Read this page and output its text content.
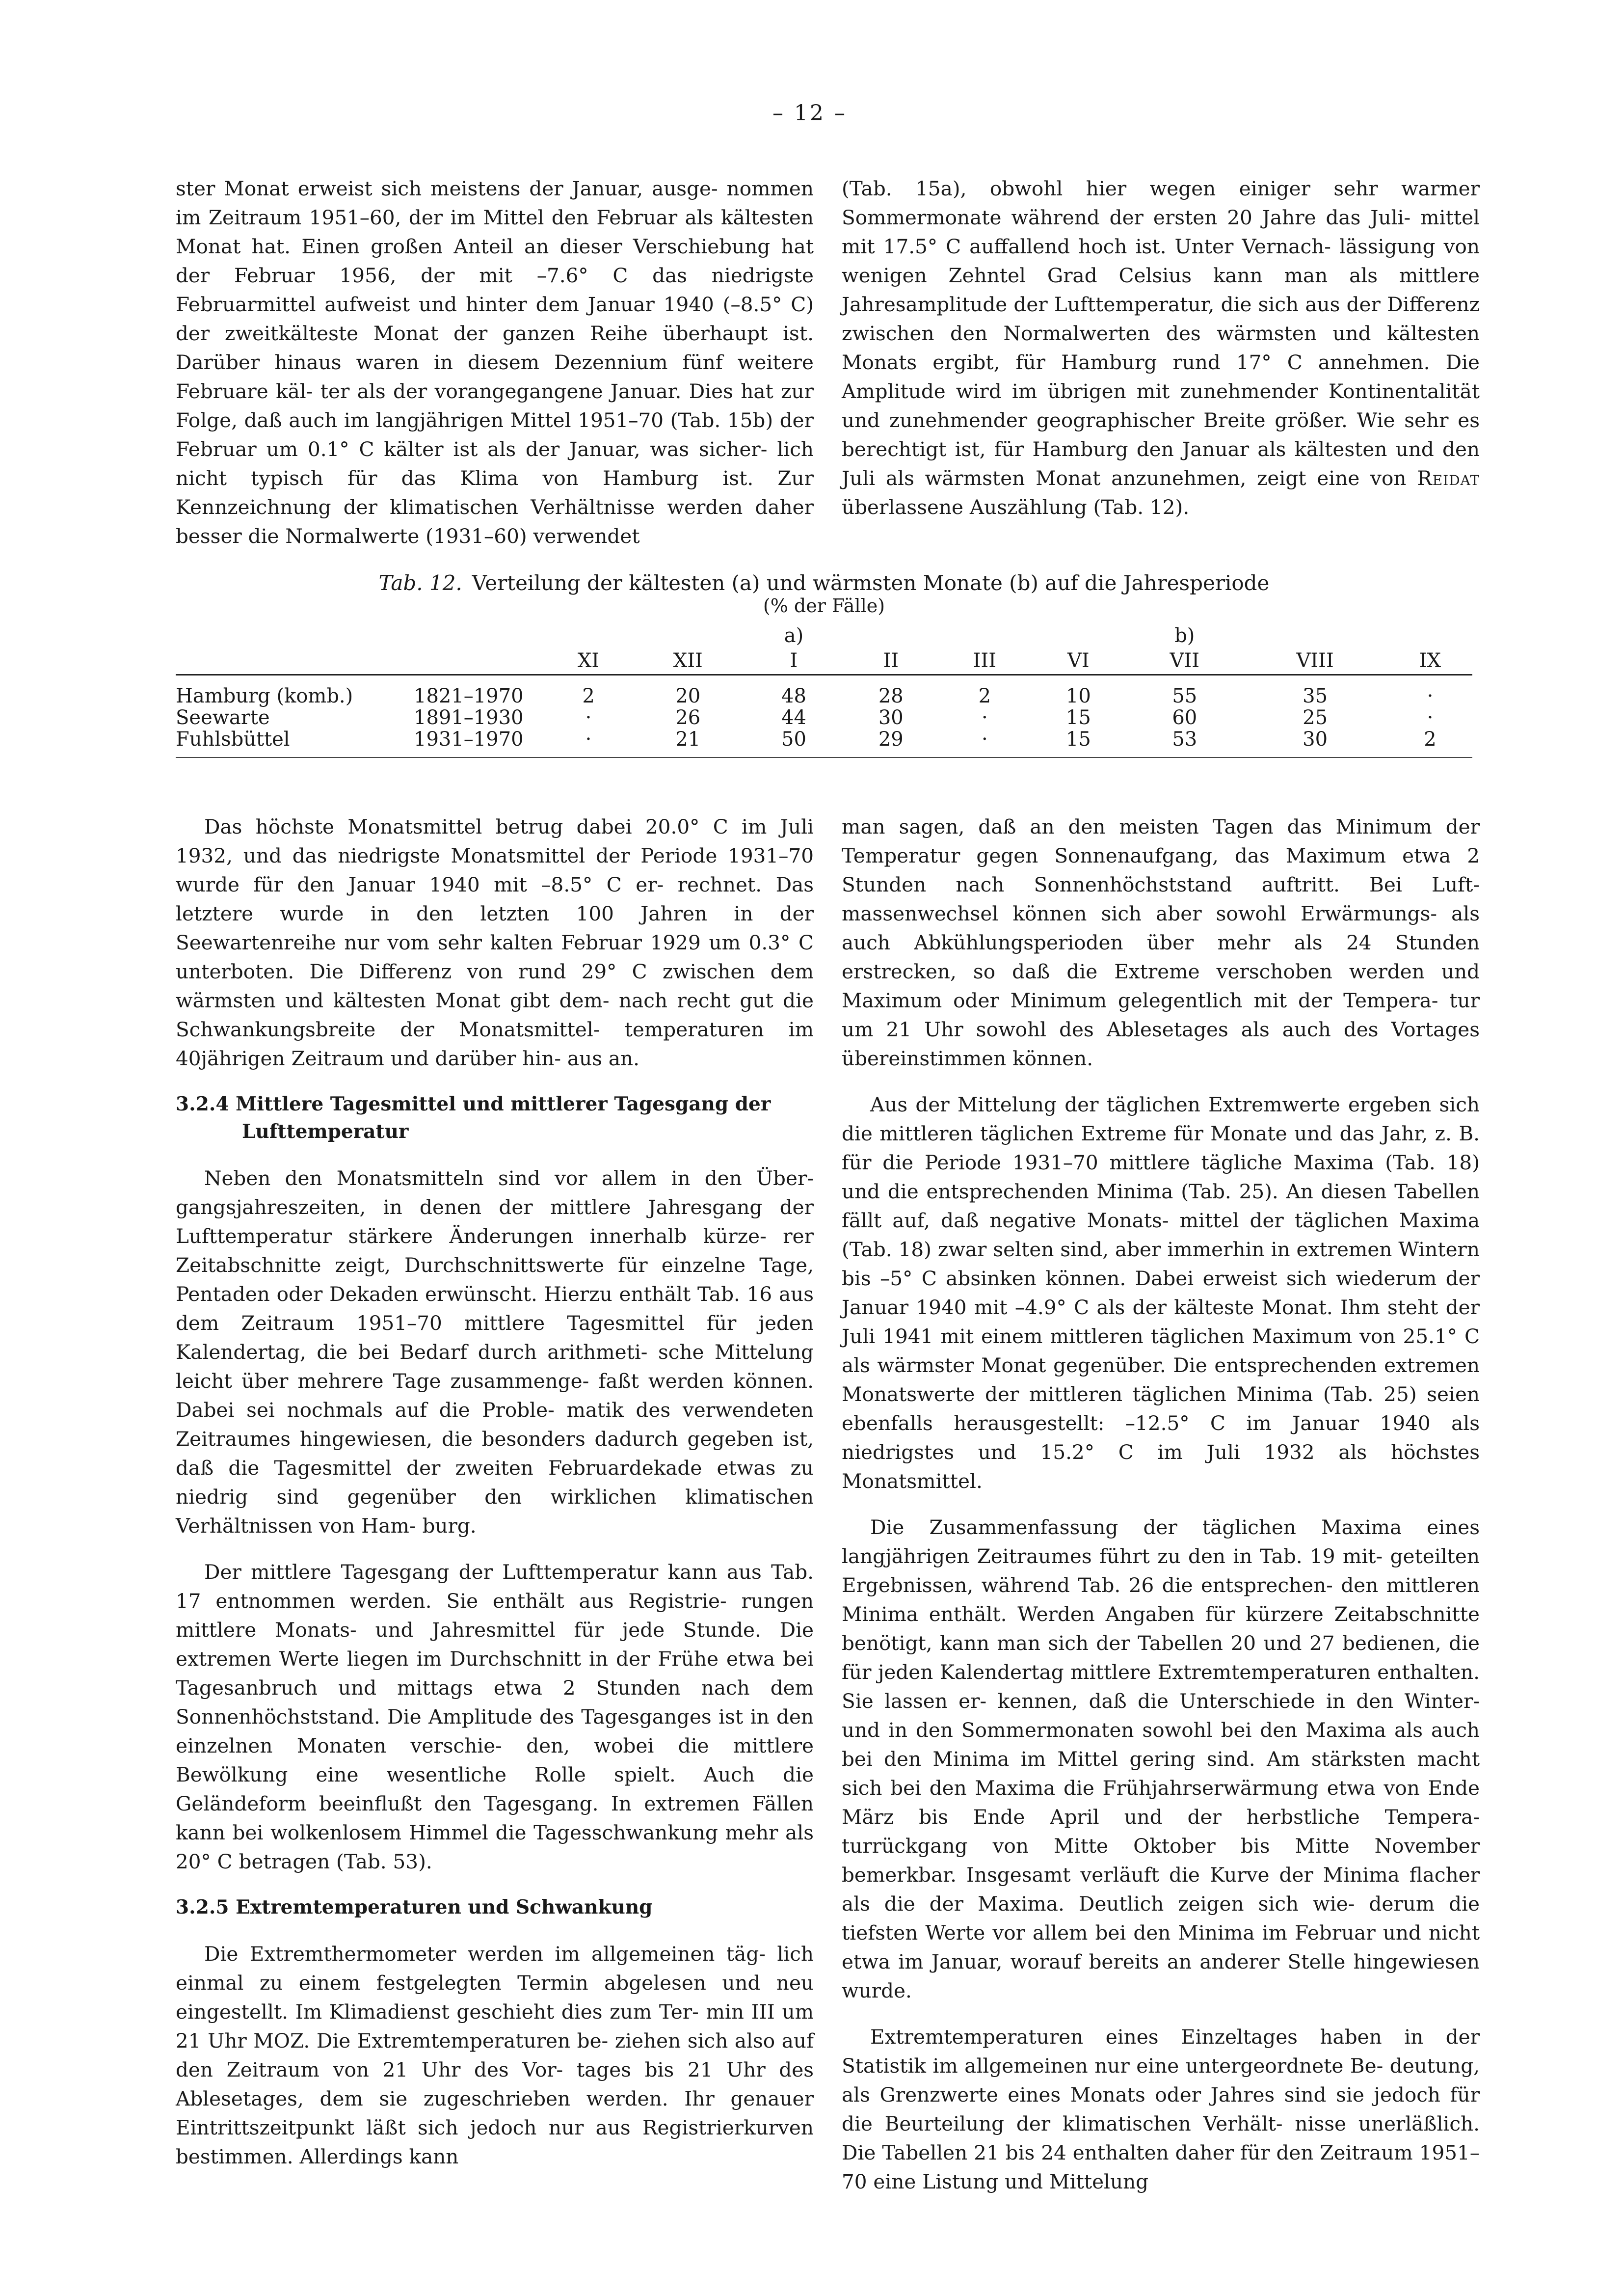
– 12 –

ster Monat erweist sich meistens der Januar, ausge- nommen im Zeitraum 1951–60, der im Mittel den Februar als kältesten Monat hat. Einen großen Anteil an dieser Verschiebung hat der Februar 1956, der mit –7.6° C das niedrigste Februarmittel aufweist und hinter dem Januar 1940 (–8.5° C) der zweitkälteste Monat der ganzen Reihe überhaupt ist. Darüber hinaus waren in diesem Dezennium fünf weitere Februare käl- ter als der vorangegangene Januar. Dies hat zur Folge, daß auch im langjährigen Mittel 1951–70 (Tab. 15b) der Februar um 0.1° C kälter ist als der Januar, was sicher- lich nicht typisch für das Klima von Hamburg ist. Zur Kennzeichnung der klimatischen Verhältnisse werden daher besser die Normalwerte (1931–60) verwendet

(Tab. 15a), obwohl hier wegen einiger sehr warmer Sommermonate während der ersten 20 Jahre das Juli- mittel mit 17.5° C auffallend hoch ist. Unter Vernach- lässigung von wenigen Zehntel Grad Celsius kann man als mittlere Jahresamplitude der Lufttemperatur, die sich aus der Differenz zwischen den Normalwerten des wärmsten und kältesten Monats ergibt, für Hamburg rund 17° C annehmen. Die Amplitude wird im übrigen mit zunehmender Kontinentalität und zunehmender geographischer Breite größer. Wie sehr es berechtigt ist, für Hamburg den Januar als kältesten und den Juli als wärmsten Monat anzunehmen, zeigt eine von Reidat überlassene Auszählung (Tab. 12).

Tab. 12. Verteilung der kältesten (a) und wärmsten Monate (b) auf die Jahresperiode
(% der Fälle)
				a)				b)		
		XI	XII	I	II	III	VI	VII	VIII	IX

Hamburg (komb.)	1821–1970	2	20	48	28	2	10	55	35	·
Seewarte	1891–1930	·	26	44	30	·	15	60	25	·
Fuhlsbüttel	1931–1970	·	21	50	29	·	15	53	30	2

Das höchste Monatsmittel betrug dabei 20.0° C im Juli 1932, und das niedrigste Monatsmittel der Periode 1931–70 wurde für den Januar 1940 mit –8.5° C er- rechnet. Das letztere wurde in den letzten 100 Jahren in der Seewartenreihe nur vom sehr kalten Februar 1929 um 0.3° C unterboten. Die Differenz von rund 29° C zwischen dem wärmsten und kältesten Monat gibt dem- nach recht gut die Schwankungsbreite der Monatsmittel- temperaturen im 40jährigen Zeitraum und darüber hin- aus an.

3.2.4 Mittlere Tagesmittel und mittlerer Tagesgang der Lufttemperatur

Neben den Monatsmitteln sind vor allem in den Über- gangsjahreszeiten, in denen der mittlere Jahresgang der Lufttemperatur stärkere Änderungen innerhalb kürze- rer Zeitabschnitte zeigt, Durchschnittswerte für einzelne Tage, Pentaden oder Dekaden erwünscht. Hierzu enthält Tab. 16 aus dem Zeitraum 1951–70 mittlere Tagesmittel für jeden Kalendertag, die bei Bedarf durch arithmeti- sche Mittelung leicht über mehrere Tage zusammenge- faßt werden können. Dabei sei nochmals auf die Proble- matik des verwendeten Zeitraumes hingewiesen, die besonders dadurch gegeben ist, daß die Tagesmittel der zweiten Februardekade etwas zu niedrig sind gegenüber den wirklichen klimatischen Verhältnissen von Ham- burg.

Der mittlere Tagesgang der Lufttemperatur kann aus Tab. 17 entnommen werden. Sie enthält aus Registrie- rungen mittlere Monats- und Jahresmittel für jede Stunde. Die extremen Werte liegen im Durchschnitt in der Frühe etwa bei Tagesanbruch und mittags etwa 2 Stunden nach dem Sonnenhöchststand. Die Amplitude des Tagesganges ist in den einzelnen Monaten verschie- den, wobei die mittlere Bewölkung eine wesentliche Rolle spielt. Auch die Geländeform beeinflußt den Tagesgang. In extremen Fällen kann bei wolkenlosem Himmel die Tagesschwankung mehr als 20° C betragen (Tab. 53).

3.2.5 Extremtemperaturen und Schwankung

Die Extremthermometer werden im allgemeinen täg- lich einmal zu einem festgelegten Termin abgelesen und neu eingestellt. Im Klimadienst geschieht dies zum Ter- min III um 21 Uhr MOZ. Die Extremtemperaturen be- ziehen sich also auf den Zeitraum von 21 Uhr des Vor- tages bis 21 Uhr des Ablesetages, dem sie zugeschrieben werden. Ihr genauer Eintrittszeitpunkt läßt sich jedoch nur aus Registrierkurven bestimmen. Allerdings kann

man sagen, daß an den meisten Tagen das Minimum der Temperatur gegen Sonnenaufgang, das Maximum etwa 2 Stunden nach Sonnenhöchststand auftritt. Bei Luft- massenwechsel können sich aber sowohl Erwärmungs- als auch Abkühlungsperioden über mehr als 24 Stunden erstrecken, so daß die Extreme verschoben werden und Maximum oder Minimum gelegentlich mit der Tempera- tur um 21 Uhr sowohl des Ablesetages als auch des Vortages übereinstimmen können.

Aus der Mittelung der täglichen Extremwerte ergeben sich die mittleren täglichen Extreme für Monate und das Jahr, z. B. für die Periode 1931–70 mittlere tägliche Maxima (Tab. 18) und die entsprechenden Minima (Tab. 25). An diesen Tabellen fällt auf, daß negative Monats- mittel der täglichen Maxima (Tab. 18) zwar selten sind, aber immerhin in extremen Wintern bis –5° C absinken können. Dabei erweist sich wiederum der Januar 1940 mit –4.9° C als der kälteste Monat. Ihm steht der Juli 1941 mit einem mittleren täglichen Maximum von 25.1° C als wärmster Monat gegenüber. Die entsprechenden extremen Monatswerte der mittleren täglichen Minima (Tab. 25) seien ebenfalls herausgestellt: –12.5° C im Januar 1940 als niedrigstes und 15.2° C im Juli 1932 als höchstes Monatsmittel.

Die Zusammenfassung der täglichen Maxima eines langjährigen Zeitraumes führt zu den in Tab. 19 mit- geteilten Ergebnissen, während Tab. 26 die entsprechen- den mittleren Minima enthält. Werden Angaben für kürzere Zeitabschnitte benötigt, kann man sich der Tabellen 20 und 27 bedienen, die für jeden Kalendertag mittlere Extremtemperaturen enthalten. Sie lassen er- kennen, daß die Unterschiede in den Winter- und in den Sommermonaten sowohl bei den Maxima als auch bei den Minima im Mittel gering sind. Am stärksten macht sich bei den Maxima die Frühjahrserwärmung etwa von Ende März bis Ende April und der herbstliche Tempera- turrückgang von Mitte Oktober bis Mitte November bemerkbar. Insgesamt verläuft die Kurve der Minima flacher als die der Maxima. Deutlich zeigen sich wie- derum die tiefsten Werte vor allem bei den Minima im Februar und nicht etwa im Januar, worauf bereits an anderer Stelle hingewiesen wurde.

Extremtemperaturen eines Einzeltages haben in der Statistik im allgemeinen nur eine untergeordnete Be- deutung, als Grenzwerte eines Monats oder Jahres sind sie jedoch für die Beurteilung der klimatischen Verhält- nisse unerläßlich. Die Tabellen 21 bis 24 enthalten daher für den Zeitraum 1951–70 eine Listung und Mittelung
